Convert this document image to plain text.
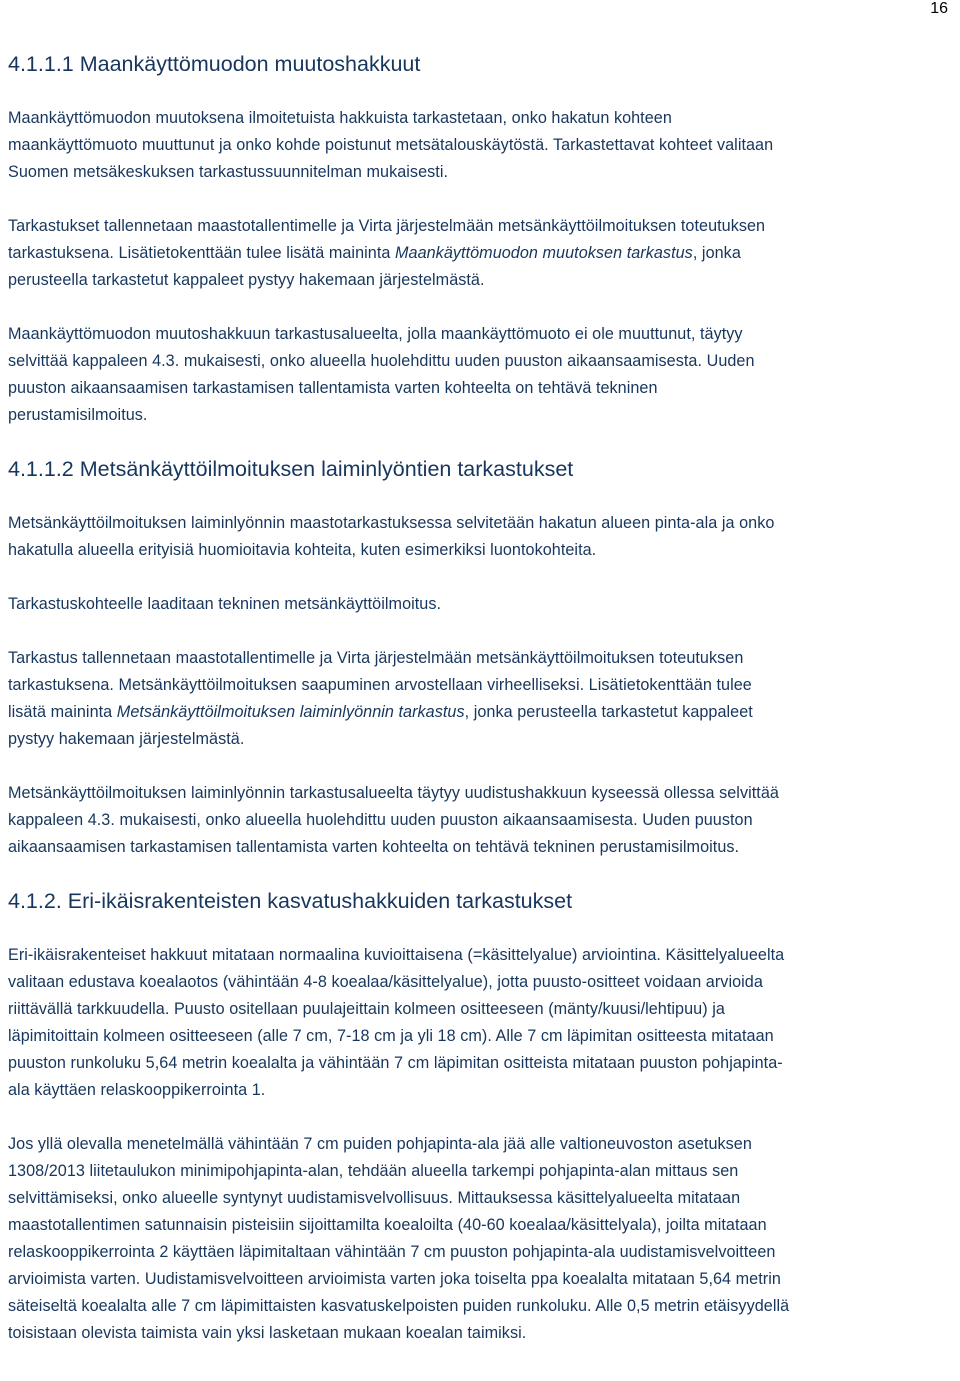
16
4.1.1.1 Maankäyttömuodon muutoshakkuut

Maankäyttömuodon muutoksena ilmoitetuista hakkuista tarkastetaan, onko hakatun kohteen
maankäyttömuoto muuttunut ja onko kohde poistunut metsätalouskäytöstä. Tarkastettavat kohteet valitaan
Suomen metsäkeskuksen tarkastussuunnitelman mukaisesti.

Tarkastukset tallennetaan maastotallentimelle ja Virta järjestelmään metsänkäyttöilmoituksen toteutuksen
tarkastuksena. Lisätietokenttään tulee lisätä maininta Maankäyttömuodon muutoksen tarkastus, jonka
perusteella tarkastetut kappaleet pystyy hakemaan järjestelmästä.

Maankäyttömuodon muutoshakkuun tarkastusalueelta, jolla maankäyttömuoto ei ole muuttunut, täytyy
selvittää kappaleen 4.3. mukaisesti, onko alueella huolehdittu uuden puuston aikaansaamisesta. Uuden
puuston aikaansaamisen tarkastamisen tallentamista varten kohteelta on tehtävä tekninen
perustamisilmoitus.

4.1.1.2 Metsänkäyttöilmoituksen laiminlyöntien tarkastukset

Metsänkäyttöilmoituksen laiminlyönnin maastotarkastuksessa selvitetään hakatun alueen pinta-ala ja onko
hakatulla alueella erityisiä huomioitavia kohteita, kuten esimerkiksi luontokohteita.

Tarkastuskohteelle laaditaan tekninen metsänkäyttöilmoitus.

Tarkastus tallennetaan maastotallentimelle ja Virta järjestelmään metsänkäyttöilmoituksen toteutuksen
tarkastuksena. Metsänkäyttöilmoituksen saapuminen arvostellaan virheelliseksi. Lisätietokenttään tulee
lisätä maininta Metsänkäyttöilmoituksen laiminlyönnin tarkastus, jonka perusteella tarkastetut kappaleet
pystyy hakemaan järjestelmästä.

Metsänkäyttöilmoituksen laiminlyönnin tarkastusalueelta täytyy uudistushakkuun kyseessä ollessa selvittää
kappaleen 4.3. mukaisesti, onko alueella huolehdittu uuden puuston aikaansaamisesta. Uuden puuston
aikaansaamisen tarkastamisen tallentamista varten kohteelta on tehtävä tekninen perustamisilmoitus.

4.1.2. Eri-ikäisrakenteisten kasvatushakkuiden tarkastukset

Eri-ikäisrakenteiset hakkuut mitataan normaalina kuvioittaisena (=käsittelyalue) arviointina. Käsittelyalueelta
valitaan edustava koealaotos (vähintään 4-8 koealaa/käsittelyalue), jotta puusto-ositteet voidaan arvioida
riittävällä tarkkuudella. Puusto ositellaan puulajeittain kolmeen ositteeseen (mänty/kuusi/lehtipuu) ja
läpimitoittain kolmeen ositteeseen (alle 7 cm, 7-18 cm ja yli 18 cm). Alle 7 cm läpimitan ositteesta mitataan
puuston runkoluku 5,64 metrin koealalta ja vähintään 7 cm läpimitan ositteista mitataan puuston pohjapinta-
ala käyttäen relaskooppikerrointa 1.

Jos yllä olevalla menetelmällä vähintään 7 cm puiden pohjapinta-ala jää alle valtioneuvoston asetuksen
1308/2013 liitetaulukon minimipohjapinta-alan, tehdään alueella tarkempi pohjapinta-alan mittaus sen
selvittämiseksi, onko alueelle syntynyt uudistamisvelvollisuus. Mittauksessa käsittelyalueelta mitataan
maastotallentimen satunnaisin pisteisiin sijoittamilta koealoilta (40-60 koealaa/käsittelyala), joilta mitataan
relaskooppikerrointa 2 käyttäen läpimitaltaan vähintään 7 cm puuston pohjapinta-ala uudistamisvelvoitteen
arvioimista varten. Uudistamisvelvoitteen arvioimista varten joka toiselta ppa koealalta mitataan 5,64 metrin
säteiseltä koealalta alle 7 cm läpimittaisten kasvatuskelpoisten puiden runkoluku. Alle 0,5 metrin etäisyydellä
toisistaan olevista taimista vain yksi lasketaan mukaan koealan taimiksi.
